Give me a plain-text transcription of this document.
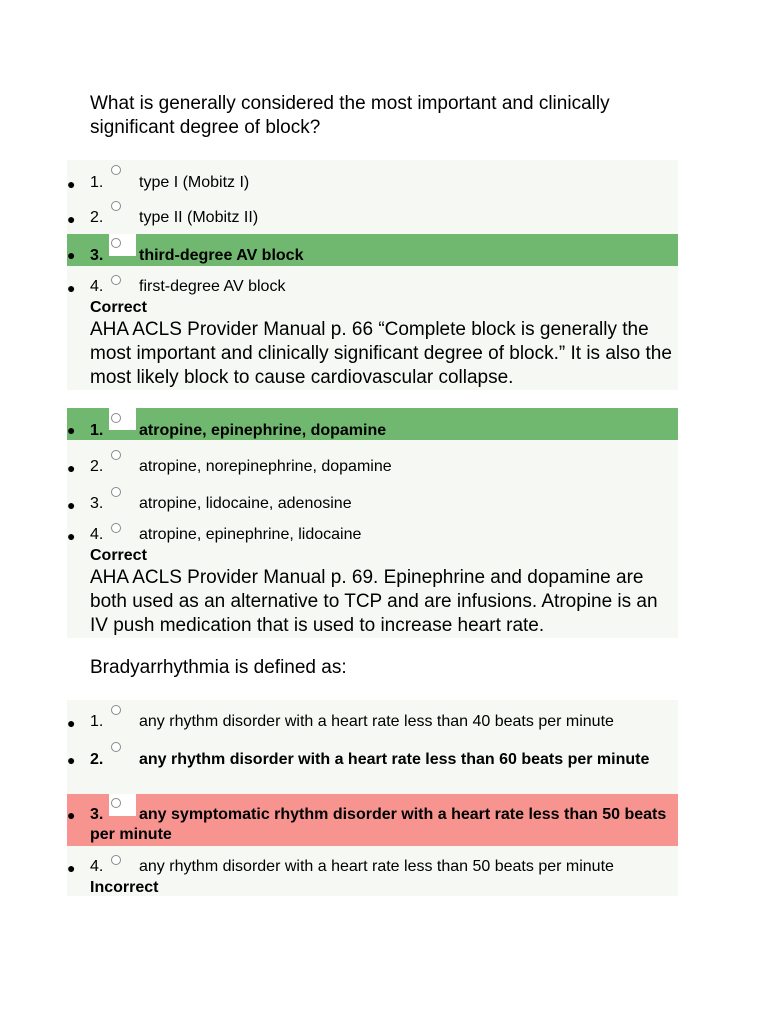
What is generally considered the most important and clinically significant degree of block?
● 1. type I (Mobitz I)
● 2. type II (Mobitz II)
● 3. third-degree AV block
● 4. first-degree AV block
Correct
AHA ACLS Provider Manual p. 66 “Complete block is generally the most important and clinically significant degree of block.” It is also the most likely block to cause cardiovascular collapse.
● 1. atropine, epinephrine, dopamine
● 2. atropine, norepinephrine, dopamine
● 3. atropine, lidocaine, adenosine
● 4. atropine, epinephrine, lidocaine
Correct
AHA ACLS Provider Manual p. 69. Epinephrine and dopamine are both used as an alternative to TCP and are infusions. Atropine is an IV push medication that is used to increase heart rate.
Bradyarrhythmia is defined as:
● 1. any rhythm disorder with a heart rate less than 40 beats per minute
● 2. any rhythm disorder with a heart rate less than 60 beats per minute
● 3. any symptomatic rhythm disorder with a heart rate less than 50 beats per minute
● 4. any rhythm disorder with a heart rate less than 50 beats per minute
Incorrect
